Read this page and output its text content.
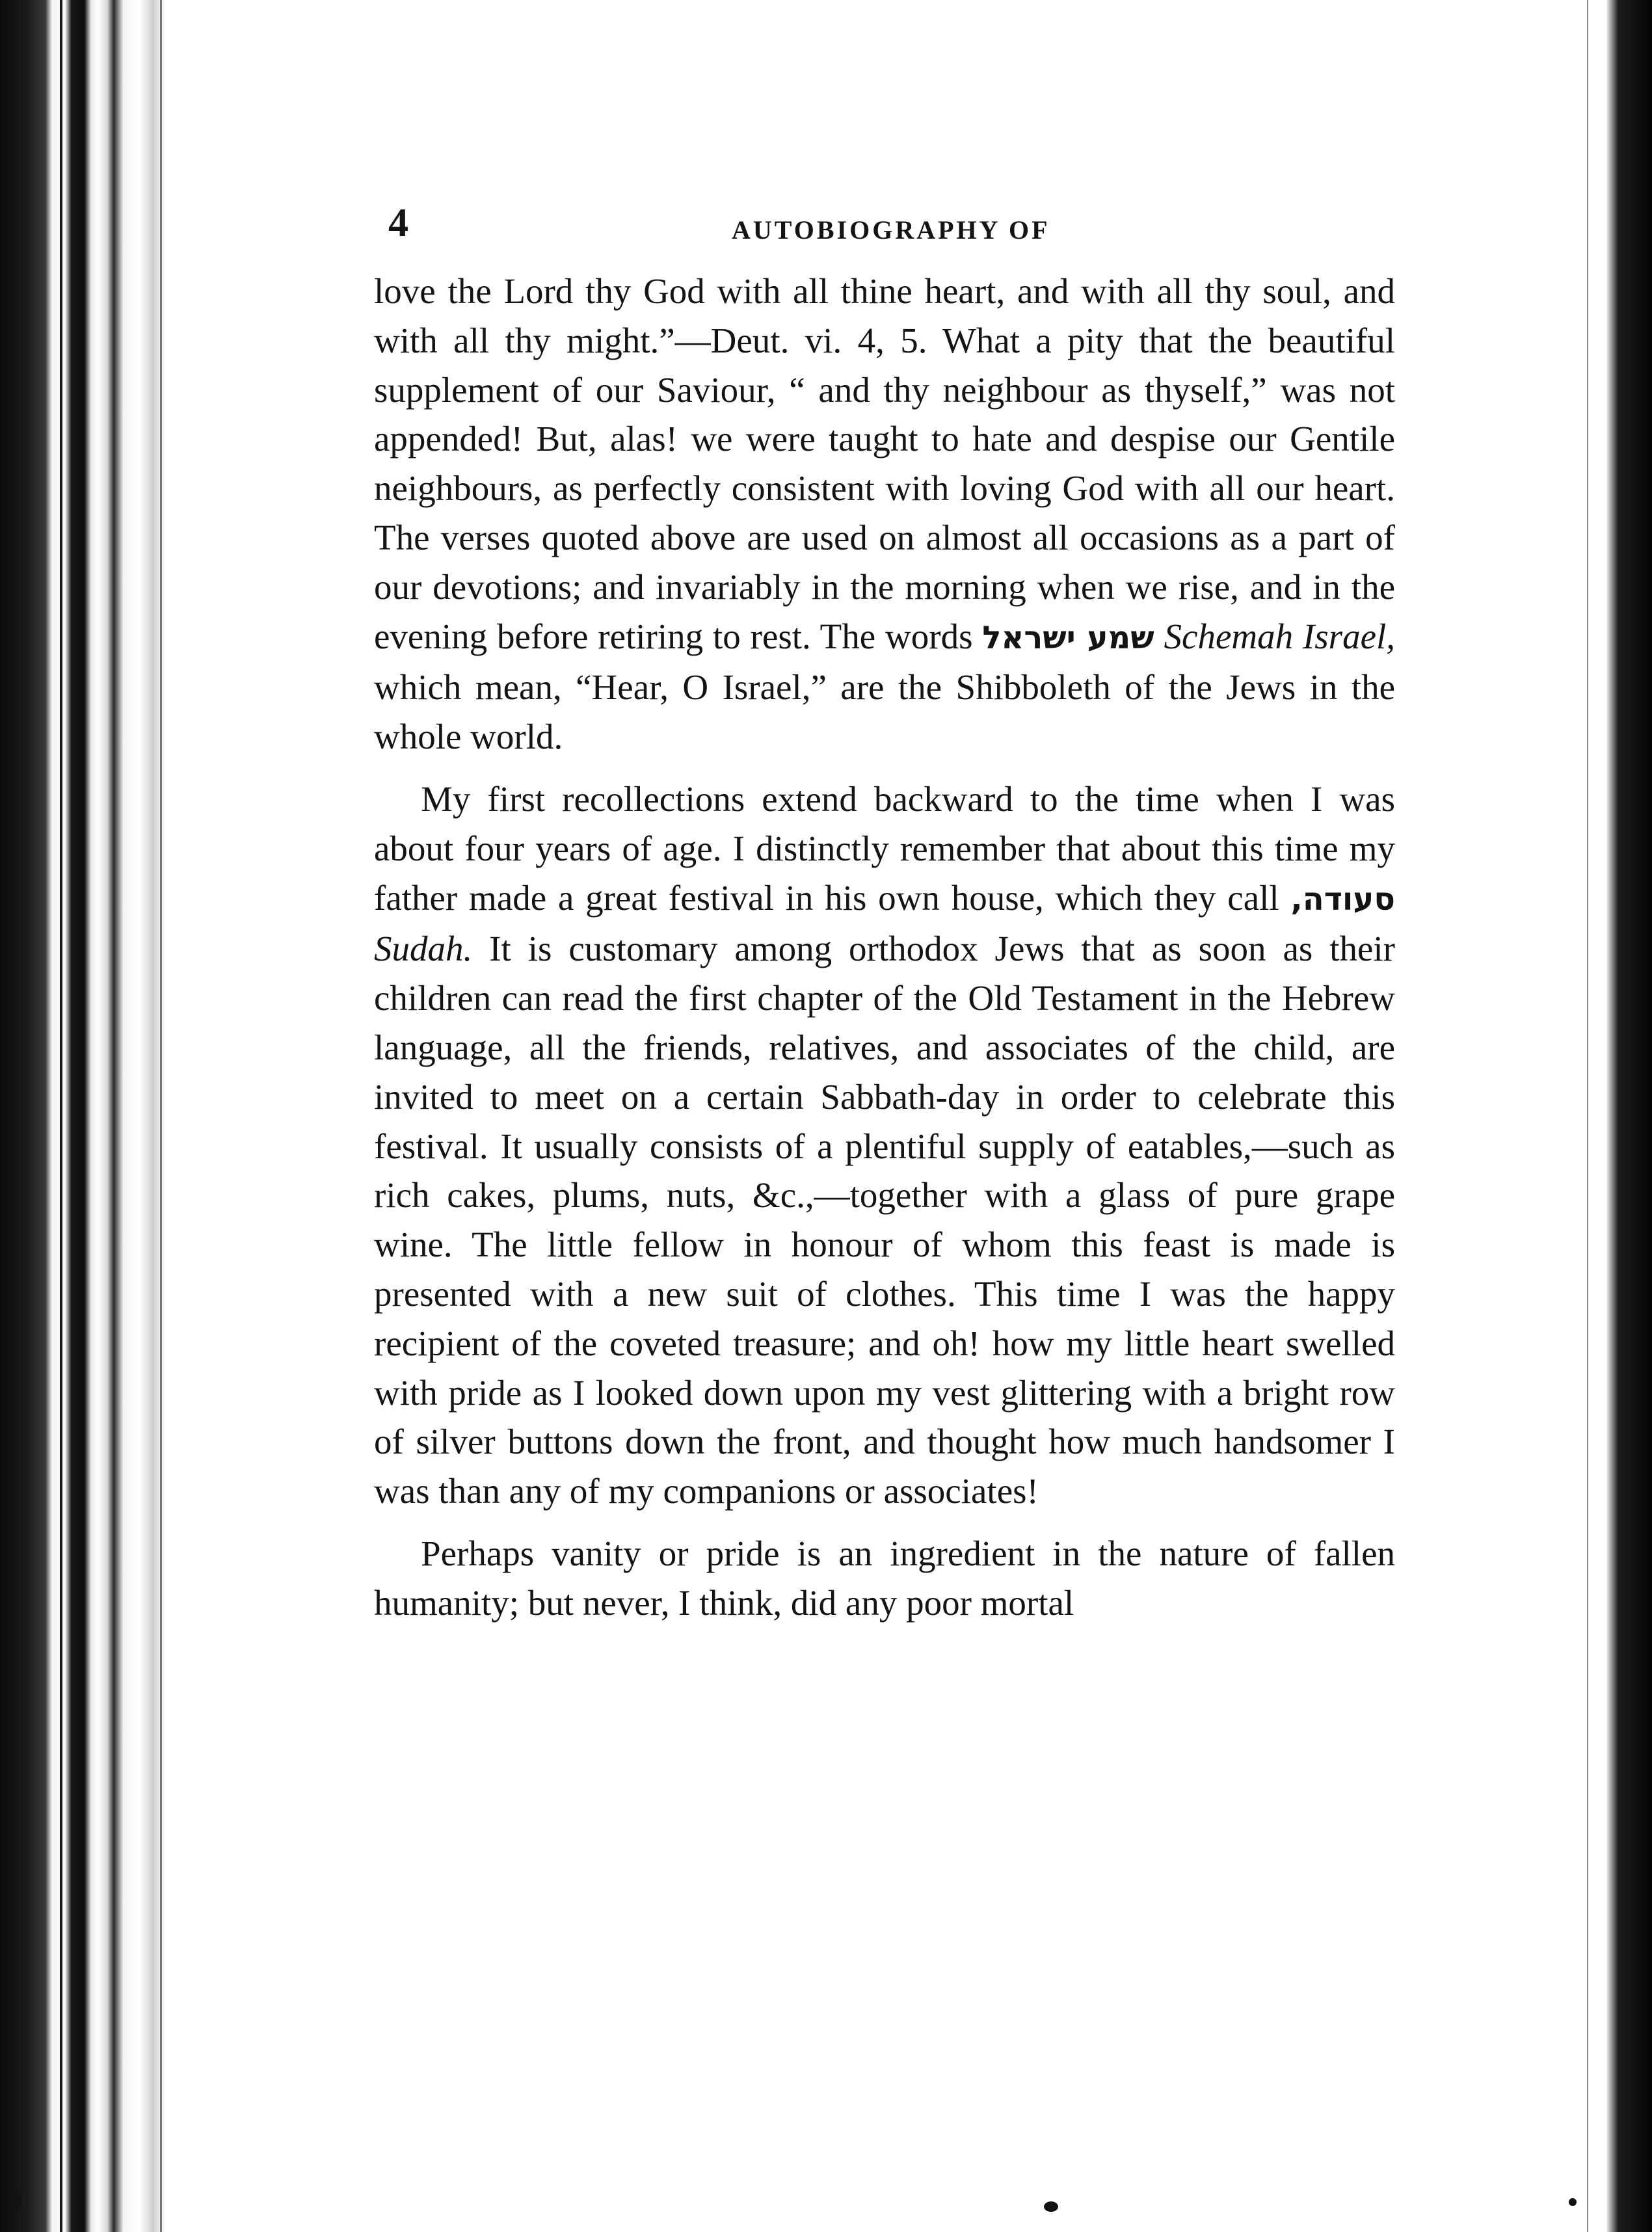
4	AUTOBIOGRAPHY OF

love the Lord thy God with all thine heart, and with all thy soul, and with all thy might.”—Deut. vi. 4, 5. What a pity that the beautiful supplement of our Saviour, “ and thy neighbour as thyself,” was not appended! But, alas! we were taught to hate and despise our Gentile neighbours, as perfectly consistent with loving God with all our heart. The verses quoted above are used on almost all occasions as a part of our devotions; and invariably in the morning when we rise, and in the evening before retiring to rest. The words שמע ישראל Schemah Israel, which mean, “Hear, O Israel,” are the Shibboleth of the Jews in the whole world.

My first recollections extend backward to the time when I was about four years of age. I distinctly remember that about this time my father made a great festival in his own house, which they call סעודה, Sudah. It is customary among orthodox Jews that as soon as their children can read the first chapter of the Old Testament in the Hebrew language, all the friends, relatives, and associates of the child, are invited to meet on a certain Sabbath-day in order to celebrate this festival. It usually consists of a plentiful supply of eatables,—such as rich cakes, plums, nuts, &c.,—together with a glass of pure grape wine. The little fellow in honour of whom this feast is made is presented with a new suit of clothes. This time I was the happy recipient of the coveted treasure; and oh! how my little heart swelled with pride as I looked down upon my vest glittering with a bright row of silver buttons down the front, and thought how much handsomer I was than any of my companions or associates!

Perhaps vanity or pride is an ingredient in the nature of fallen humanity; but never, I think, did any poor mortal
